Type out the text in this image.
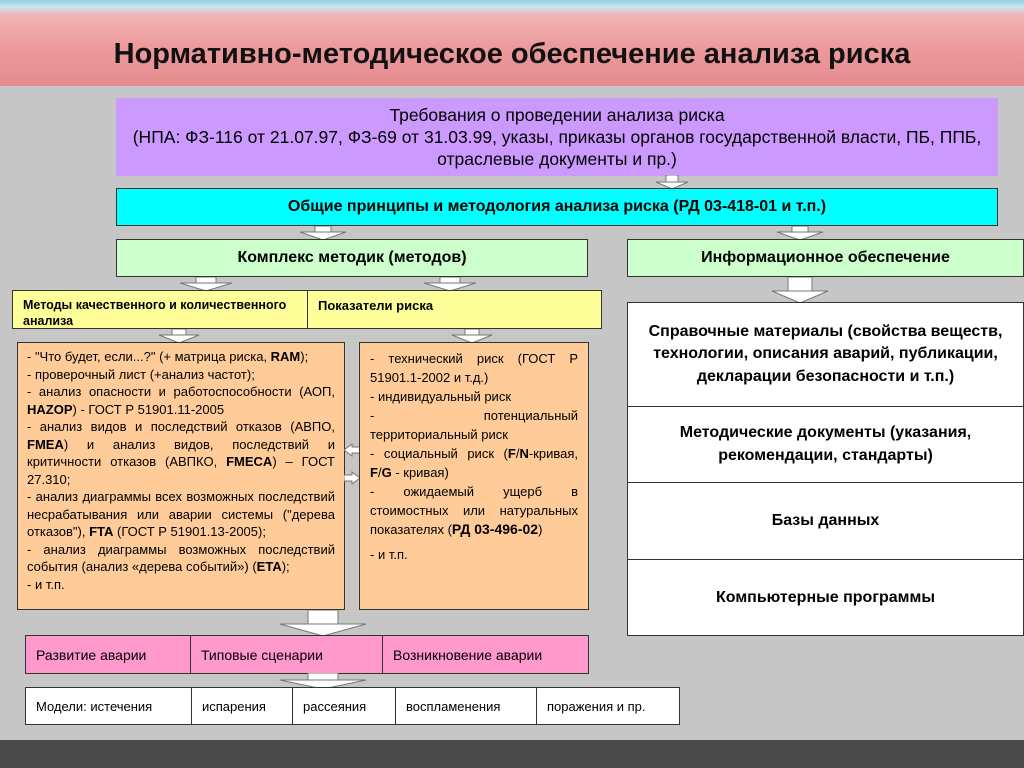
Нормативно-методическое обеспечение анализа риска
Требования о проведении анализа риска
(НПА: ФЗ-116 от 21.07.97, ФЗ-69 от 31.03.99, указы, приказы органов государственной власти, ПБ, ППБ, отраслевые документы и пр.)
Общие принципы и методология анализа риска (РД 03-418-01 и т.п.)
Комплекс методик (методов)	Информационное обеспечение
Методы качественного и количественного анализа
Показатели риска
- "Что будет, если...?" (+ матрица риска, RAM);
- проверочный лист (+анализ частот);
- анализ опасности и работоспособности (АОП, HAZOP) - ГОСТ Р 51901.11-2005
- анализ видов и последствий отказов (АВПО, FMEA) и анализ видов, последствий и критичности отказов (АВПКО, FMECA) – ГОСТ 27.310;
- анализ диаграммы всех возможных последствий несрабатывания или аварии системы ("дерева отказов"), FTA (ГОСТ Р 51901.13-2005);
- анализ диаграммы возможных последствий события (анализ «дерева событий») (ETA);
- и т.п.
- технический риск (ГОСТ Р 51901.1-2002 и т.д.)
- индивидуальный риск
- потенциальный территориальный риск
- социальный риск (F/N-кривая, F/G - кривая)
- ожидаемый ущерб в стоимостных или натуральных показателях (РД 03-496-02)
- и т.п.
Справочные материалы (свойства веществ, технологии, описания аварий, публикации, декларации безопасности и т.п.)
Методические документы (указания, рекомендации, стандарты)
Базы данных
Компьютерные программы
Развитие аварии	Типовые сценарии	Возникновение аварии
Модели: истечения	испарения	рассеяния	воспламенения	поражения и пр.
